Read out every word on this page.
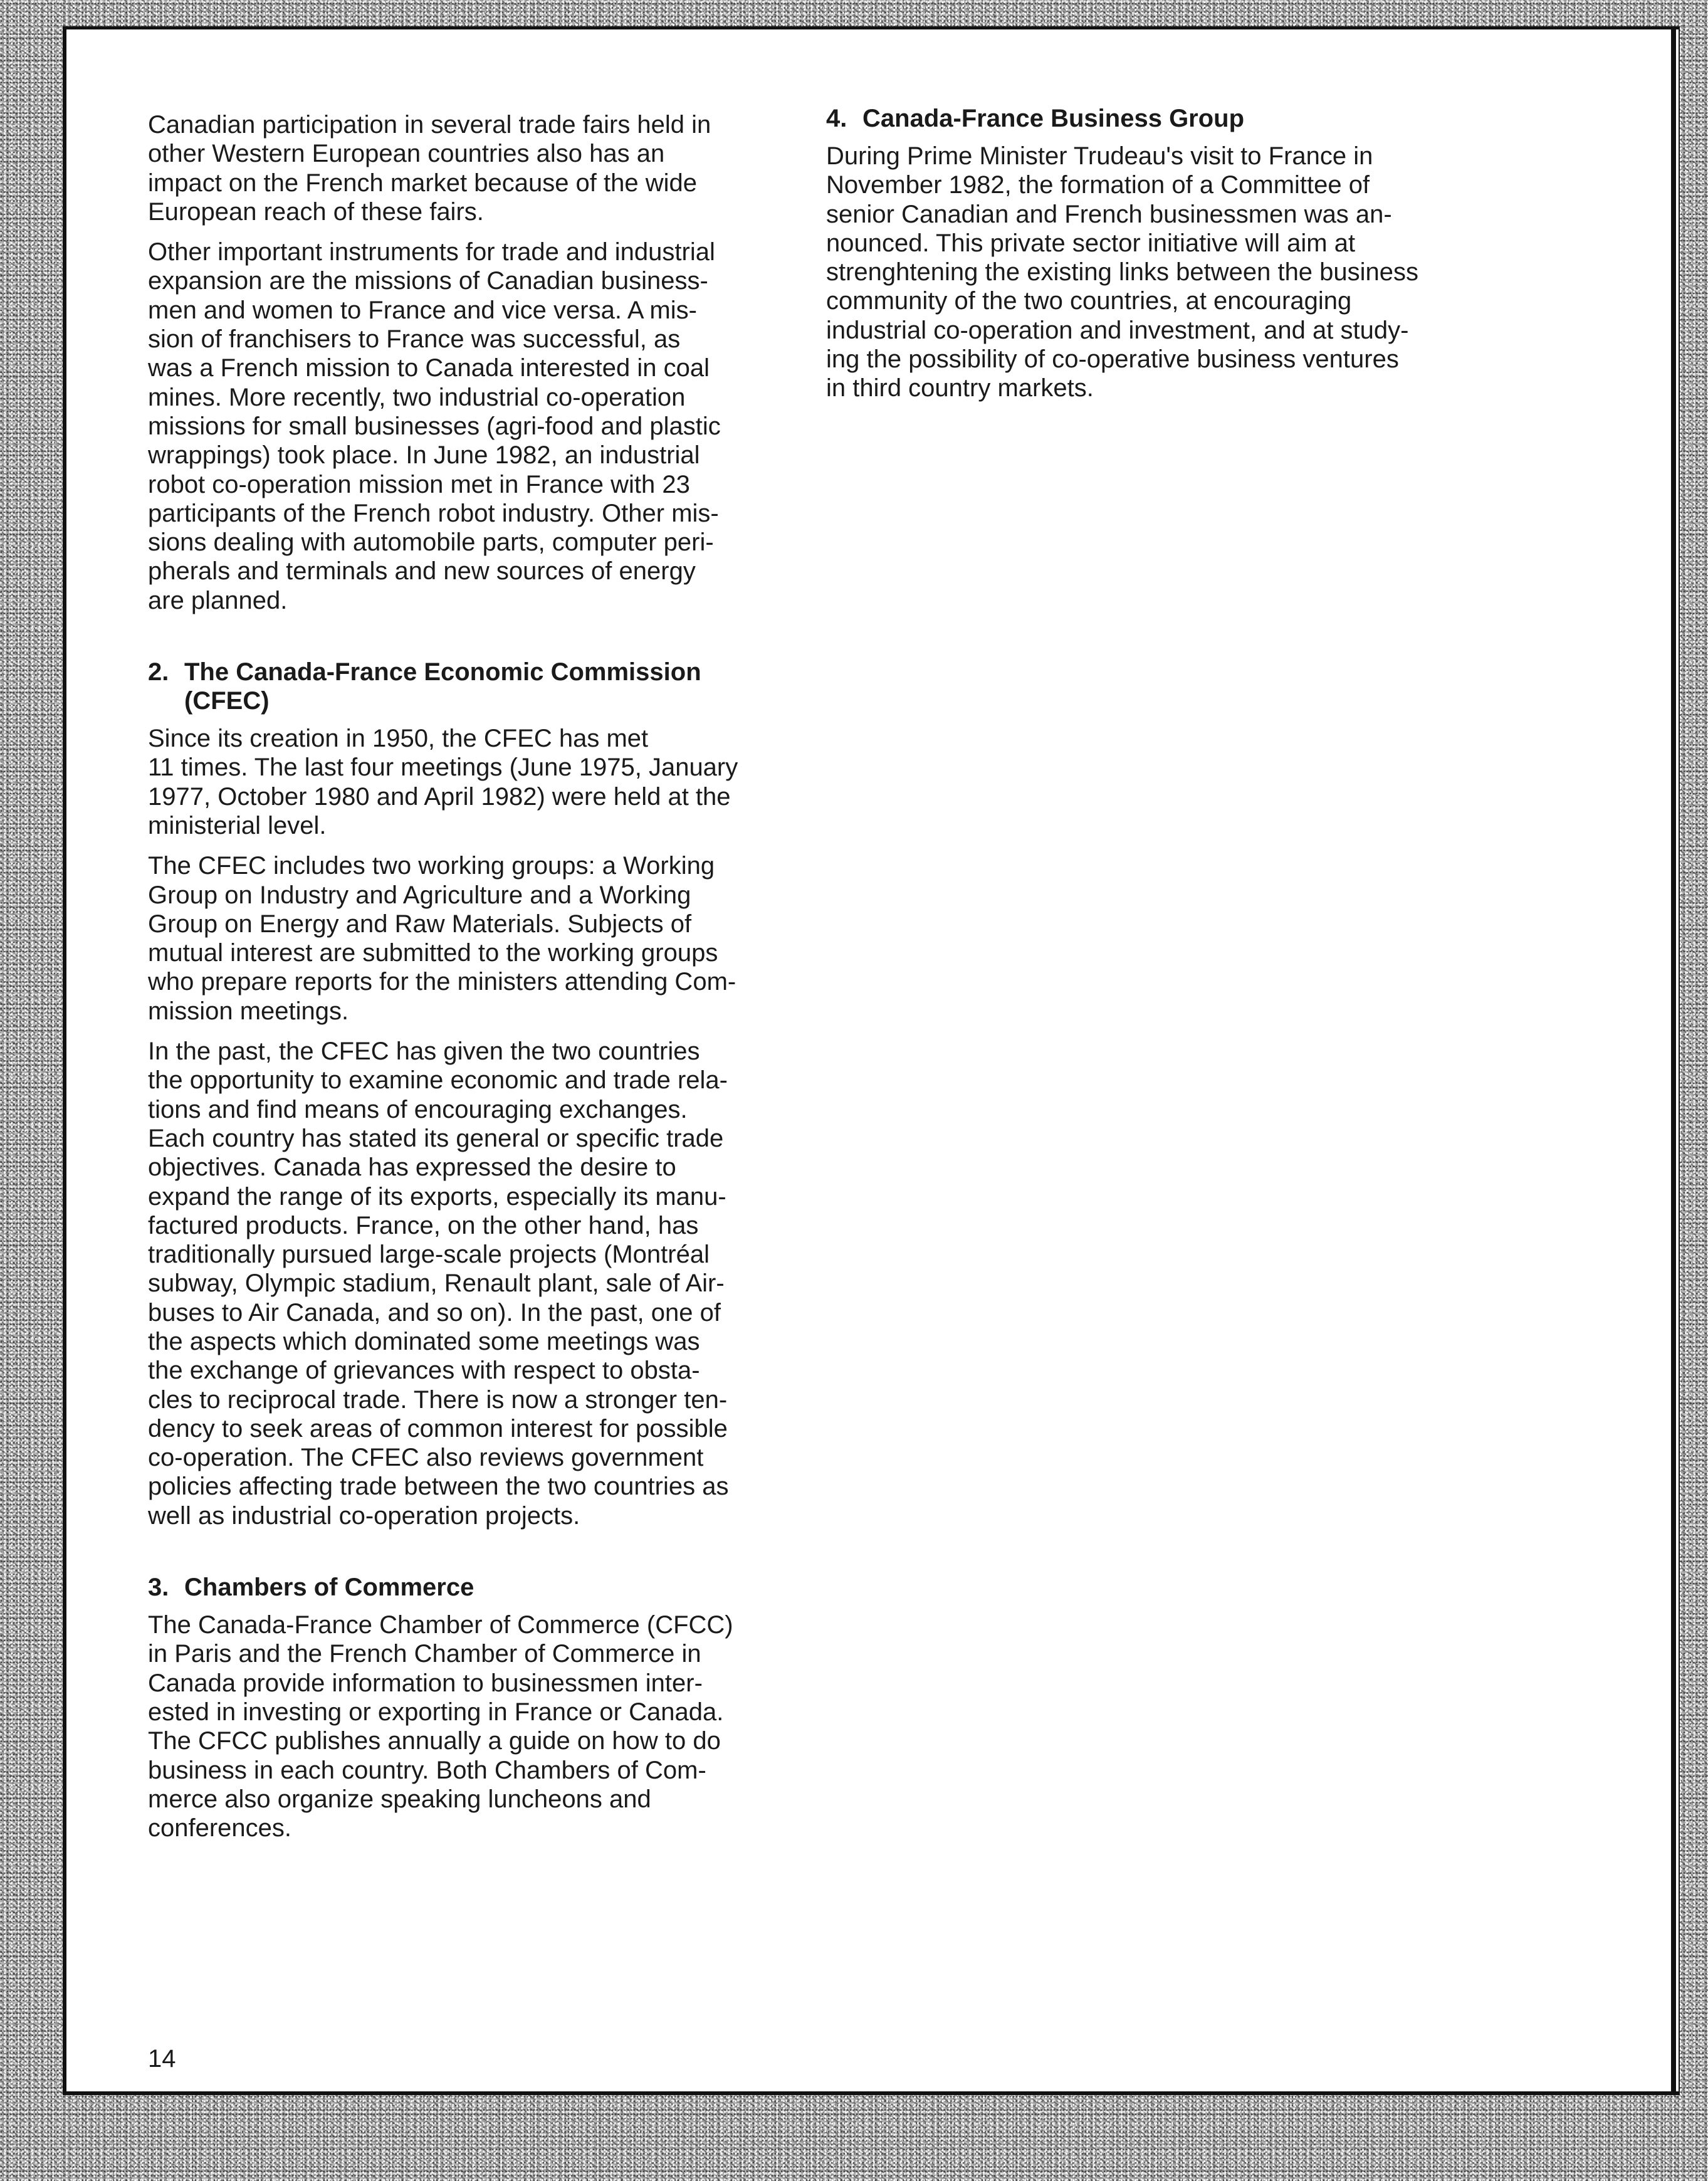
Canadian participation in several trade fairs held in
other Western European countries also has an
impact on the French market because of the wide
European reach of these fairs.

Other important instruments for trade and industrial
expansion are the missions of Canadian business-
men and women to France and vice versa. A mis-
sion of franchisers to France was successful, as
was a French mission to Canada interested in coal
mines. More recently, two industrial co-operation
missions for small businesses (agri-food and plastic
wrappings) took place. In June 1982, an industrial
robot co-operation mission met in France with 23
participants of the French robot industry. Other mis-
sions dealing with automobile parts, computer peri-
pherals and terminals and new sources of energy
are planned.

2. The Canada-France Economic Commission
(CFEC)

Since its creation in 1950, the CFEC has met
11 times. The last four meetings (June 1975, January
1977, October 1980 and April 1982) were held at the
ministerial level.

The CFEC includes two working groups: a Working
Group on Industry and Agriculture and a Working
Group on Energy and Raw Materials. Subjects of
mutual interest are submitted to the working groups
who prepare reports for the ministers attending Com-
mission meetings.

In the past, the CFEC has given the two countries
the opportunity to examine economic and trade rela-
tions and find means of encouraging exchanges.
Each country has stated its general or specific trade
objectives. Canada has expressed the desire to
expand the range of its exports, especially its manu-
factured products. France, on the other hand, has
traditionally pursued large-scale projects (Montréal
subway, Olympic stadium, Renault plant, sale of Air-
buses to Air Canada, and so on). In the past, one of
the aspects which dominated some meetings was
the exchange of grievances with respect to obsta-
cles to reciprocal trade. There is now a stronger ten-
dency to seek areas of common interest for possible
co-operation. The CFEC also reviews government
policies affecting trade between the two countries as
well as industrial co-operation projects.

3. Chambers of Commerce

The Canada-France Chamber of Commerce (CFCC)
in Paris and the French Chamber of Commerce in
Canada provide information to businessmen inter-
ested in investing or exporting in France or Canada.
The CFCC publishes annually a guide on how to do
business in each country. Both Chambers of Com-
merce also organize speaking luncheons and
conferences.

4. Canada-France Business Group

During Prime Minister Trudeau's visit to France in
November 1982, the formation of a Committee of
senior Canadian and French businessmen was an-
nounced. This private sector initiative will aim at
strenghtening the existing links between the business
community of the two countries, at encouraging
industrial co-operation and investment, and at study-
ing the possibility of co-operative business ventures
in third country markets.

14
